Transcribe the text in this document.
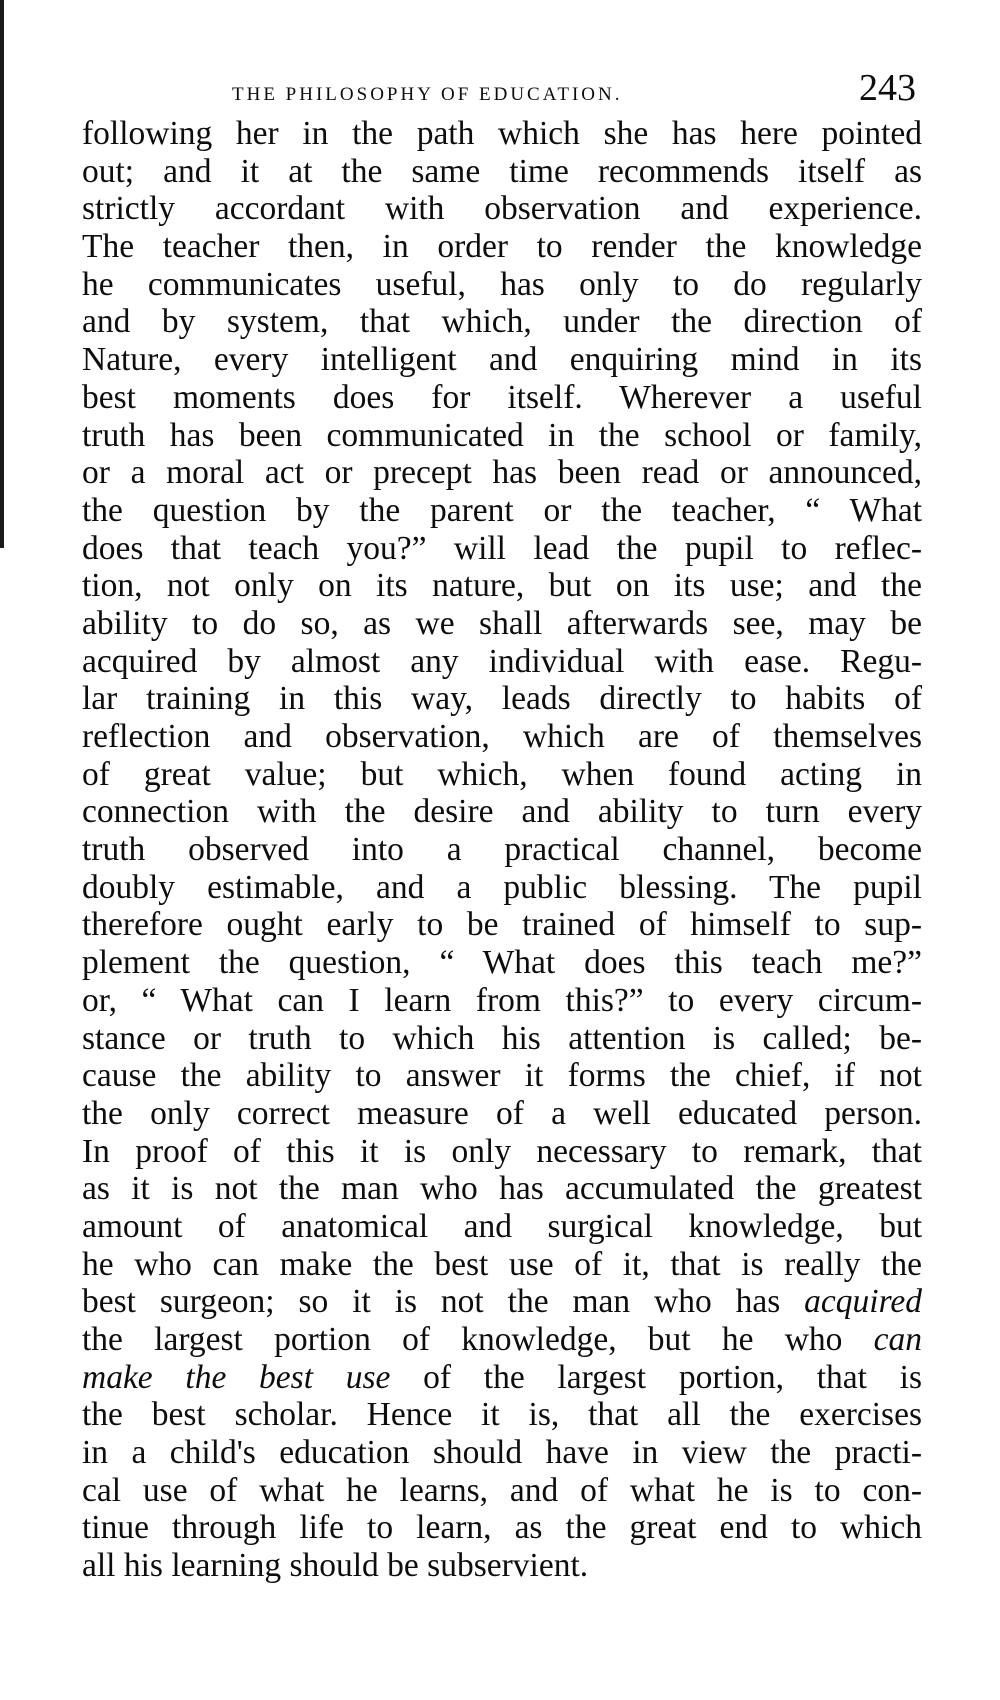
THE PHILOSOPHY OF EDUCATION.	243
following her in the path which she has here pointed
out; and it at the same time recommends itself as
strictly accordant with observation and experience.
The teacher then, in order to render the knowledge
he communicates useful, has only to do regularly
and by system, that which, under the direction of
Nature, every intelligent and enquiring mind in its
best moments does for itself. Wherever a useful
truth has been communicated in the school or family,
or a moral act or precept has been read or announced,
the question by the parent or the teacher, “ What
does that teach you?” will lead the pupil to reflec-
tion, not only on its nature, but on its use; and the
ability to do so, as we shall afterwards see, may be
acquired by almost any individual with ease. Regu-
lar training in this way, leads directly to habits of
reflection and observation, which are of themselves
of great value; but which, when found acting in
connection with the desire and ability to turn every
truth observed into a practical channel, become
doubly estimable, and a public blessing. The pupil
therefore ought early to be trained of himself to sup-
plement the question, “ What does this teach me?”
or, “ What can I learn from this?” to every circum-
stance or truth to which his attention is called; be-
cause the ability to answer it forms the chief, if not
the only correct measure of a well educated person.
In proof of this it is only necessary to remark, that
as it is not the man who has accumulated the greatest
amount of anatomical and surgical knowledge, but
he who can make the best use of it, that is really the
best surgeon; so it is not the man who has acquired
the largest portion of knowledge, but he who can
make the best use of the largest portion, that is
the best scholar. Hence it is, that all the exercises
in a child's education should have in view the practi-
cal use of what he learns, and of what he is to con-
tinue through life to learn, as the great end to which
all his learning should be subservient.
